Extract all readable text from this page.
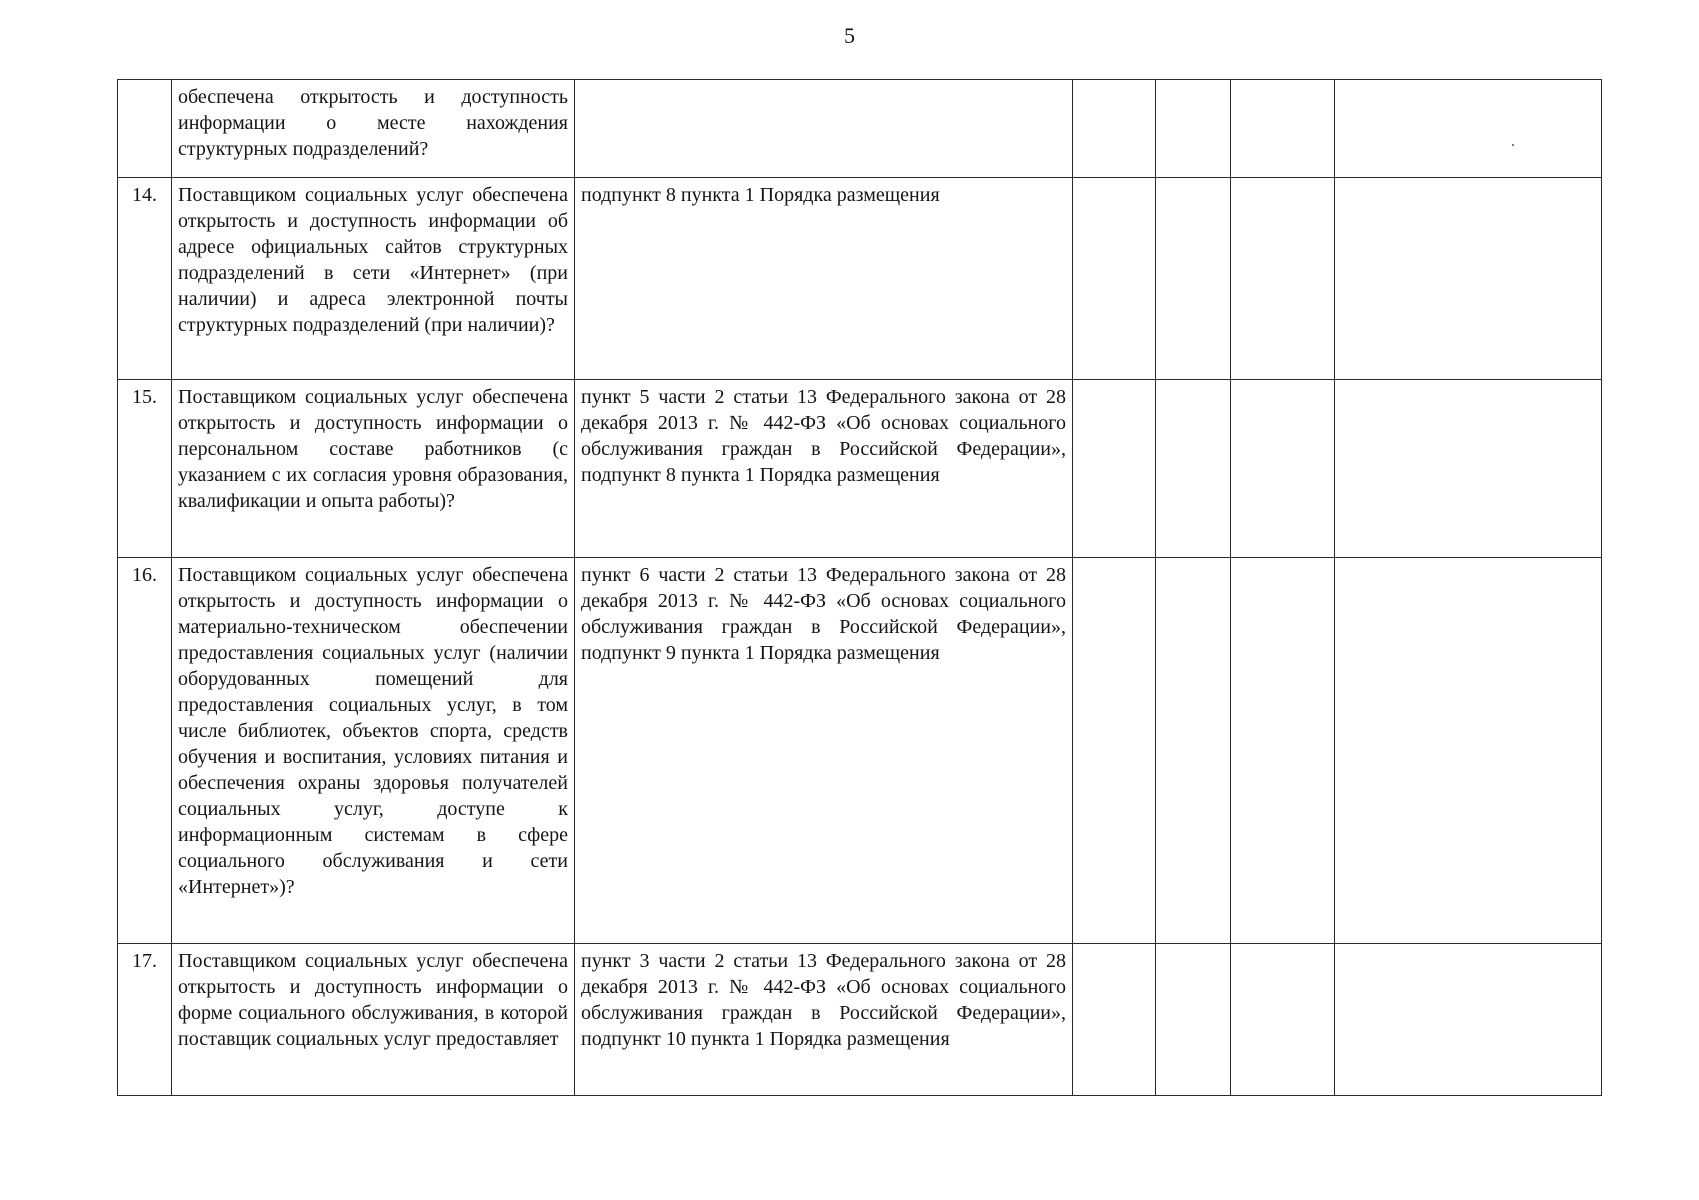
5
	обеспечена открытость и доступность информации о месте нахождения структурных подразделений?					
14.	Поставщиком социальных услуг обеспечена открытость и доступность информации об адресе официальных сайтов структурных подразделений в сети «Интернет» (при наличии) и адреса электронной почты структурных подразделений (при наличии)?	подпункт 8 пункта 1 Порядка размещения				
15.	Поставщиком социальных услуг обеспечена открытость и доступность информации о персональном составе работников (с указанием с их согласия уровня образования, квалификации и опыта работы)?	пункт 5 части 2 статьи 13 Федерального закона от 28 декабря 2013 г. № 442-ФЗ «Об основах социального обслуживания граждан в Российской Федерации», подпункт 8 пункта 1 Порядка размещения				
16.	Поставщиком социальных услуг обеспечена открытость и доступность информации о материально-техническом обеспечении предоставления социальных услуг (наличии оборудованных помещений для предоставления социальных услуг, в том числе библиотек, объектов спорта, средств обучения и воспитания, условиях питания и обеспечения охраны здоровья получателей социальных услуг, доступе к информационным системам в сфере социального обслуживания и сети «Интернет»)?	пункт 6 части 2 статьи 13 Федерального закона от 28 декабря 2013 г. № 442-ФЗ «Об основах социального обслуживания граждан в Российской Федерации», подпункт 9 пункта 1 Порядка размещения				
17.	Поставщиком социальных услуг обеспечена открытость и доступность информации о форме социального обслуживания, в которой поставщик социальных услуг предоставляет	пункт 3 части 2 статьи 13 Федерального закона от 28 декабря 2013 г. № 442-ФЗ «Об основах социального обслуживания граждан в Российской Федерации», подпункт 10 пункта 1 Порядка размещения				
